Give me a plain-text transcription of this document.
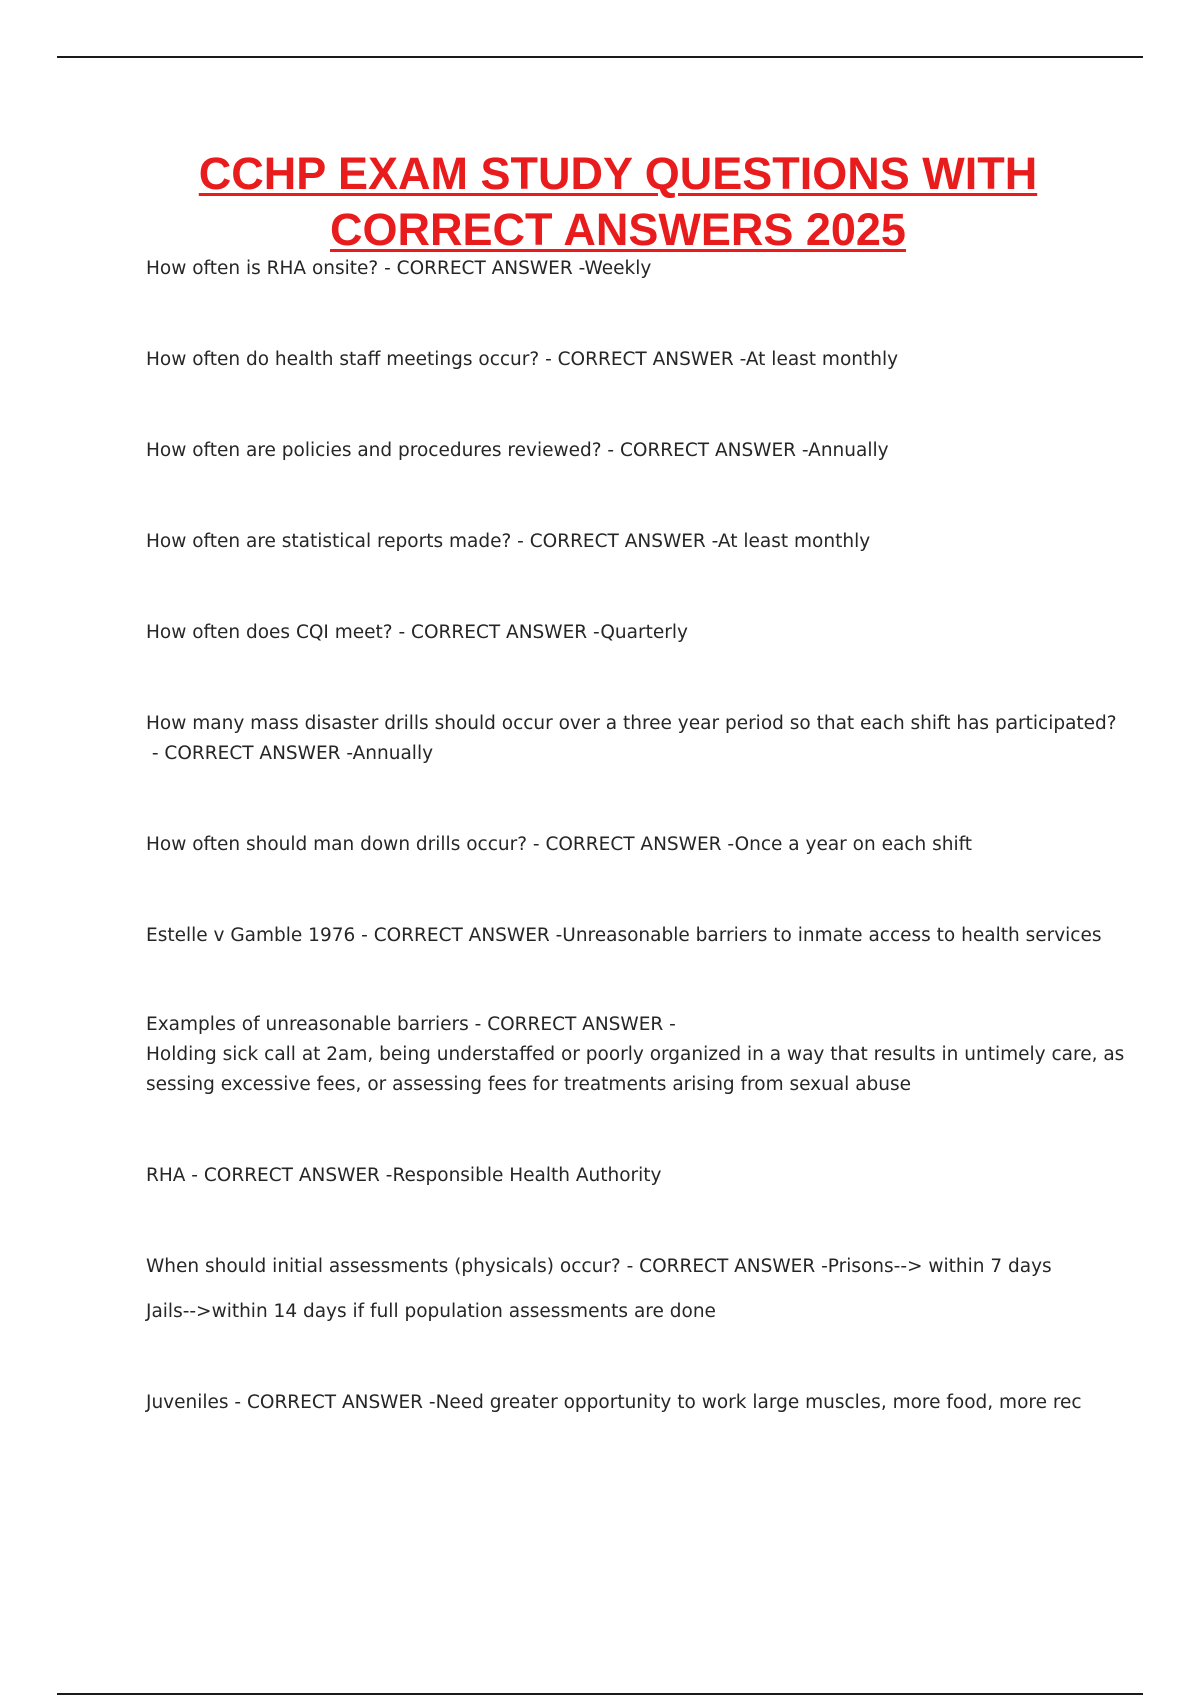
CCHP EXAM STUDY QUESTIONS WITH
CORRECT ANSWERS 2025
How often is RHA onsite? - CORRECT ANSWER -Weekly
How often do health staff meetings occur? - CORRECT ANSWER -At least monthly
How often are policies and procedures reviewed? - CORRECT ANSWER -Annually
How often are statistical reports made? - CORRECT ANSWER -At least monthly
How often does CQI meet? - CORRECT ANSWER -Quarterly
How many mass disaster drills should occur over a three year period so that each shift has participated?
- CORRECT ANSWER -Annually
How often should man down drills occur? - CORRECT ANSWER -Once a year on each shift
Estelle v Gamble 1976 - CORRECT ANSWER -Unreasonable barriers to inmate access to health services
Examples of unreasonable barriers - CORRECT ANSWER -
Holding sick call at 2am, being understaffed or poorly organized in a way that results in untimely care, as
sessing excessive fees, or assessing fees for treatments arising from sexual abuse
RHA - CORRECT ANSWER -Responsible Health Authority
When should initial assessments (physicals) occur? - CORRECT ANSWER -Prisons--> within 7 days
Jails-->within 14 days if full population assessments are done
Juveniles - CORRECT ANSWER -Need greater opportunity to work large muscles, more food, more rec
